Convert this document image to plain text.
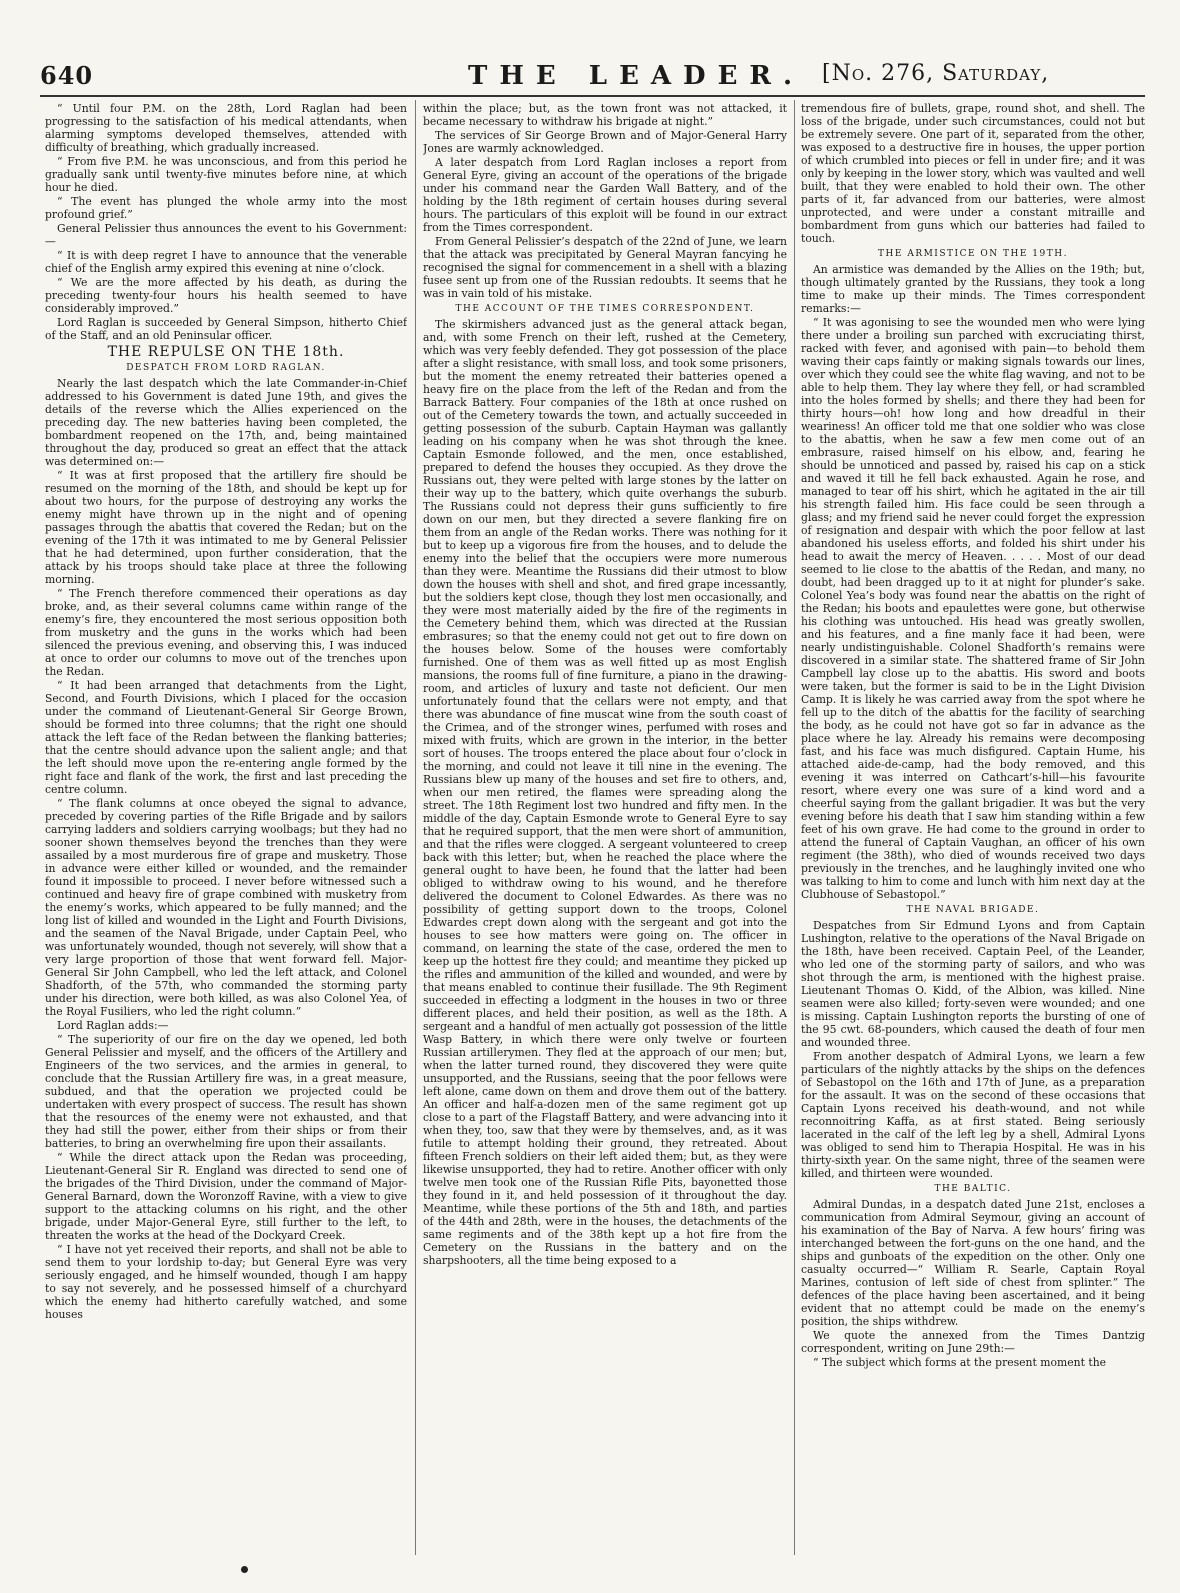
640	THE LEADER. [No. 276, Saturday,

“ Until four P.M. on the 28th, Lord Raglan had been progressing to the satisfaction of his medical attendants, when alarming symptoms developed themselves, attended with difficulty of breathing, which gradually increased.

“ From five P.M. he was unconscious, and from this period he gradually sank until twenty-five minutes before nine, at which hour he died.

“ The event has plunged the whole army into the most profound grief.”

General Pelissier thus announces the event to his Government:—

“ It is with deep regret I have to announce that the venerable chief of the English army expired this evening at nine o’clock.

“ We are the more affected by his death, as during the preceding twenty-four hours his health seemed to have considerably improved.”

Lord Raglan is succeeded by General Simpson, hitherto Chief of the Staff, and an old Peninsular officer.

THE REPULSE ON THE 18th.
DESPATCH FROM LORD RAGLAN.

Nearly the last despatch which the late Commander-in-Chief addressed to his Government is dated June 19th, and gives the details of the reverse which the Allies experienced on the preceding day. The new batteries having been completed, the bombardment reopened on the 17th, and, being maintained throughout the day, produced so great an effect that the attack was determined on:—

“ It was at first proposed that the artillery fire should be resumed on the morning of the 18th, and should be kept up for about two hours, for the purpose of destroying any works the enemy might have thrown up in the night and of opening passages through the abattis that covered the Redan; but on the evening of the 17th it was intimated to me by General Pelissier that he had determined, upon further consideration, that the attack by his troops should take place at three the following morning.

“ The French therefore commenced their operations as day broke, and, as their several columns came within range of the enemy’s fire, they encountered the most serious opposition both from musketry and the guns in the works which had been silenced the previous evening, and observing this, I was induced at once to order our columns to move out of the trenches upon the Redan.

“ It had been arranged that detachments from the Light, Second, and Fourth Divisions, which I placed for the occasion under the command of Lieutenant-General Sir George Brown, should be formed into three columns; that the right one should attack the left face of the Redan between the flanking batteries; that the centre should advance upon the salient angle; and that the left should move upon the re-entering angle formed by the right face and flank of the work, the first and last preceding the centre column.

“ The flank columns at once obeyed the signal to advance, preceded by covering parties of the Rifle Brigade and by sailors carrying ladders and soldiers carrying woolbags; but they had no sooner shown themselves beyond the trenches than they were assailed by a most murderous fire of grape and musketry. Those in advance were either killed or wounded, and the remainder found it impossible to proceed. I never before witnessed such a continued and heavy fire of grape combined with musketry from the enemy’s works, which appeared to be fully manned; and the long list of killed and wounded in the Light and Fourth Divisions, and the seamen of the Naval Brigade, under Captain Peel, who was unfortunately wounded, though not severely, will show that a very large proportion of those that went forward fell. Major-General Sir John Campbell, who led the left attack, and Colonel Shadforth, of the 57th, who commanded the storming party under his direction, were both killed, as was also Colonel Yea, of the Royal Fusiliers, who led the right column.”

Lord Raglan adds:—

“ The superiority of our fire on the day we opened, led both General Pelissier and myself, and the officers of the Artillery and Engineers of the two services, and the armies in general, to conclude that the Russian Artillery fire was, in a great measure, subdued, and that the operation we projected could be undertaken with every prospect of success. The result has shown that the resources of the enemy were not exhausted, and that they had still the power, either from their ships or from their batteries, to bring an overwhelming fire upon their assailants.

“ While the direct attack upon the Redan was proceeding, Lieutenant-General Sir R. England was directed to send one of the brigades of the Third Division, under the command of Major-General Barnard, down the Woronzoff Ravine, with a view to give support to the attacking columns on his right, and the other brigade, under Major-General Eyre, still further to the left, to threaten the works at the head of the Dockyard Creek.

“ I have not yet received their reports, and shall not be able to send them to your lordship to-day; but General Eyre was very seriously engaged, and he himself wounded, though I am happy to say not severely, and he possessed himself of a churchyard which the enemy had hitherto carefully watched, and some houses

within the place; but, as the town front was not attacked, it became necessary to withdraw his brigade at night.”

The services of Sir George Brown and of Major-General Harry Jones are warmly acknowledged.

A later despatch from Lord Raglan incloses a report from General Eyre, giving an account of the operations of the brigade under his command near the Garden Wall Battery, and of the holding by the 18th regiment of certain houses during several hours. The particulars of this exploit will be found in our extract from the Times correspondent.

From General Pelissier’s despatch of the 22nd of June, we learn that the attack was precipitated by General Mayran fancying he recognised the signal for commencement in a shell with a blazing fusee sent up from one of the Russian redoubts. It seems that he was in vain told of his mistake.

THE ACCOUNT OF THE TIMES CORRESPONDENT.

The skirmishers advanced just as the general attack began, and, with some French on their left, rushed at the Cemetery, which was very feebly defended. They got possession of the place after a slight resistance, with small loss, and took some prisoners, but the moment the enemy retreated their batteries opened a heavy fire on the place from the left of the Redan and from the Barrack Battery. Four companies of the 18th at once rushed on out of the Cemetery towards the town, and actually succeeded in getting possession of the suburb. Captain Hayman was gallantly leading on his company when he was shot through the knee. Captain Esmonde followed, and the men, once established, prepared to defend the houses they occupied. As they drove the Russians out, they were pelted with large stones by the latter on their way up to the battery, which quite overhangs the suburb. The Russians could not depress their guns sufficiently to fire down on our men, but they directed a severe flanking fire on them from an angle of the Redan works. There was nothing for it but to keep up a vigorous fire from the houses, and to delude the enemy into the belief that the occupiers were more numerous than they were. Meantime the Russians did their utmost to blow down the houses with shell and shot, and fired grape incessantly, but the soldiers kept close, though they lost men occasionally, and they were most materially aided by the fire of the regiments in the Cemetery behind them, which was directed at the Russian embrasures; so that the enemy could not get out to fire down on the houses below. Some of the houses were comfortably furnished. One of them was as well fitted up as most English mansions, the rooms full of fine furniture, a piano in the drawing-room, and articles of luxury and taste not deficient. Our men unfortunately found that the cellars were not empty, and that there was abundance of fine muscat wine from the south coast of the Crimea, and of the stronger wines, perfumed with roses and mixed with fruits, which are grown in the interior, in the better sort of houses. The troops entered the place about four o’clock in the morning, and could not leave it till nine in the evening. The Russians blew up many of the houses and set fire to others, and, when our men retired, the flames were spreading along the street. The 18th Regiment lost two hundred and fifty men. In the middle of the day, Captain Esmonde wrote to General Eyre to say that he required support, that the men were short of ammunition, and that the rifles were clogged. A sergeant volunteered to creep back with this letter; but, when he reached the place where the general ought to have been, he found that the latter had been obliged to withdraw owing to his wound, and he therefore delivered the document to Colonel Edwardes. As there was no possibility of getting support down to the troops, Colonel Edwardes crept down along with the sergeant and got into the houses to see how matters were going on. The officer in command, on learning the state of the case, ordered the men to keep up the hottest fire they could; and meantime they picked up the rifles and ammunition of the killed and wounded, and were by that means enabled to continue their fusillade. The 9th Regiment succeeded in effecting a lodgment in the houses in two or three different places, and held their position, as well as the 18th. A sergeant and a handful of men actually got possession of the little Wasp Battery, in which there were only twelve or fourteen Russian artillerymen. They fled at the approach of our men; but, when the latter turned round, they discovered they were quite unsupported, and the Russians, seeing that the poor fellows were left alone, came down on them and drove them out of the battery. An officer and half-a-dozen men of the same regiment got up close to a part of the Flagstaff Battery, and were advancing into it when they, too, saw that they were by themselves, and, as it was futile to attempt holding their ground, they retreated. About fifteen French soldiers on their left aided them; but, as they were likewise unsupported, they had to retire. Another officer with only twelve men took one of the Russian Rifle Pits, bayonetted those they found in it, and held possession of it throughout the day. Meantime, while these portions of the 5th and 18th, and parties of the 44th and 28th, were in the houses, the detachments of the same regiments and of the 38th kept up a hot fire from the Cemetery on the Russians in the battery and on the sharpshooters, all the time being exposed to a

tremendous fire of bullets, grape, round shot, and shell. The loss of the brigade, under such circumstances, could not but be extremely severe. One part of it, separated from the other, was exposed to a destructive fire in houses, the upper portion of which crumbled into pieces or fell in under fire; and it was only by keeping in the lower story, which was vaulted and well built, that they were enabled to hold their own. The other parts of it, far advanced from our batteries, were almost unprotected, and were under a constant mitraille and bombardment from guns which our batteries had failed to touch.

THE ARMISTICE ON THE 19TH.

An armistice was demanded by the Allies on the 19th; but, though ultimately granted by the Russians, they took a long time to make up their minds. The Times correspondent remarks:—

“ It was agonising to see the wounded men who were lying there under a broiling sun parched with excruciating thirst, racked with fever, and agonised with pain—to behold them waving their caps faintly or making signals towards our lines, over which they could see the white flag waving, and not to be able to help them. They lay where they fell, or had scrambled into the holes formed by shells; and there they had been for thirty hours—oh! how long and how dreadful in their weariness! An officer told me that one soldier who was close to the abattis, when he saw a few men come out of an embrasure, raised himself on his elbow, and, fearing he should be unnoticed and passed by, raised his cap on a stick and waved it till he fell back exhausted. Again he rose, and managed to tear off his shirt, which he agitated in the air till his strength failed him. His face could be seen through a glass; and my friend said he never could forget the expression of resignation and despair with which the poor fellow at last abandoned his useless efforts, and folded his shirt under his head to await the mercy of Heaven. . . . . Most of our dead seemed to lie close to the abattis of the Redan, and many, no doubt, had been dragged up to it at night for plunder’s sake. Colonel Yea’s body was found near the abattis on the right of the Redan; his boots and epaulettes were gone, but otherwise his clothing was untouched. His head was greatly swollen, and his features, and a fine manly face it had been, were nearly undistinguishable. Colonel Shadforth’s remains were discovered in a similar state. The shattered frame of Sir John Campbell lay close up to the abattis. His sword and boots were taken, but the former is said to be in the Light Division Camp. It is likely he was carried away from the spot where he fell up to the ditch of the abattis for the facility of searching the body, as he could not have got so far in advance as the place where he lay. Already his remains were decomposing fast, and his face was much disfigured. Captain Hume, his attached aide-de-camp, had the body removed, and this evening it was interred on Cathcart’s-hill—his favourite resort, where every one was sure of a kind word and a cheerful saying from the gallant brigadier. It was but the very evening before his death that I saw him standing within a few feet of his own grave. He had come to the ground in order to attend the funeral of Captain Vaughan, an officer of his own regiment (the 38th), who died of wounds received two days previously in the trenches, and he laughingly invited one who was talking to him to come and lunch with him next day at the Clubhouse of Sebastopol.”

THE NAVAL BRIGADE.

Despatches from Sir Edmund Lyons and from Captain Lushington, relative to the operations of the Naval Brigade on the 18th, have been received. Captain Peel, of the Leander, who led one of the storming party of sailors, and who was shot through the arm, is mentioned with the highest praise. Lieutenant Thomas O. Kidd, of the Albion, was killed. Nine seamen were also killed; forty-seven were wounded; and one is missing. Captain Lushington reports the bursting of one of the 95 cwt. 68-pounders, which caused the death of four men and wounded three.

From another despatch of Admiral Lyons, we learn a few particulars of the nightly attacks by the ships on the defences of Sebastopol on the 16th and 17th of June, as a preparation for the assault. It was on the second of these occasions that Captain Lyons received his death-wound, and not while reconnoitring Kaffa, as at first stated. Being seriously lacerated in the calf of the left leg by a shell, Admiral Lyons was obliged to send him to Therapia Hospital. He was in his thirty-sixth year. On the same night, three of the seamen were killed, and thirteen were wounded.

THE BALTIC.

Admiral Dundas, in a despatch dated June 21st, encloses a communication from Admiral Seymour, giving an account of his examination of the Bay of Narva. A few hours’ firing was interchanged between the fort-guns on the one hand, and the ships and gunboats of the expedition on the other. Only one casualty occurred—“ William R. Searle, Captain Royal Marines, contusion of left side of chest from splinter.” The defences of the place having been ascertained, and it being evident that no attempt could be made on the enemy’s position, the ships withdrew.

We quote the annexed from the Times Dantzig correspondent, writing on June 29th:—

“ The subject which forms at the present moment the
